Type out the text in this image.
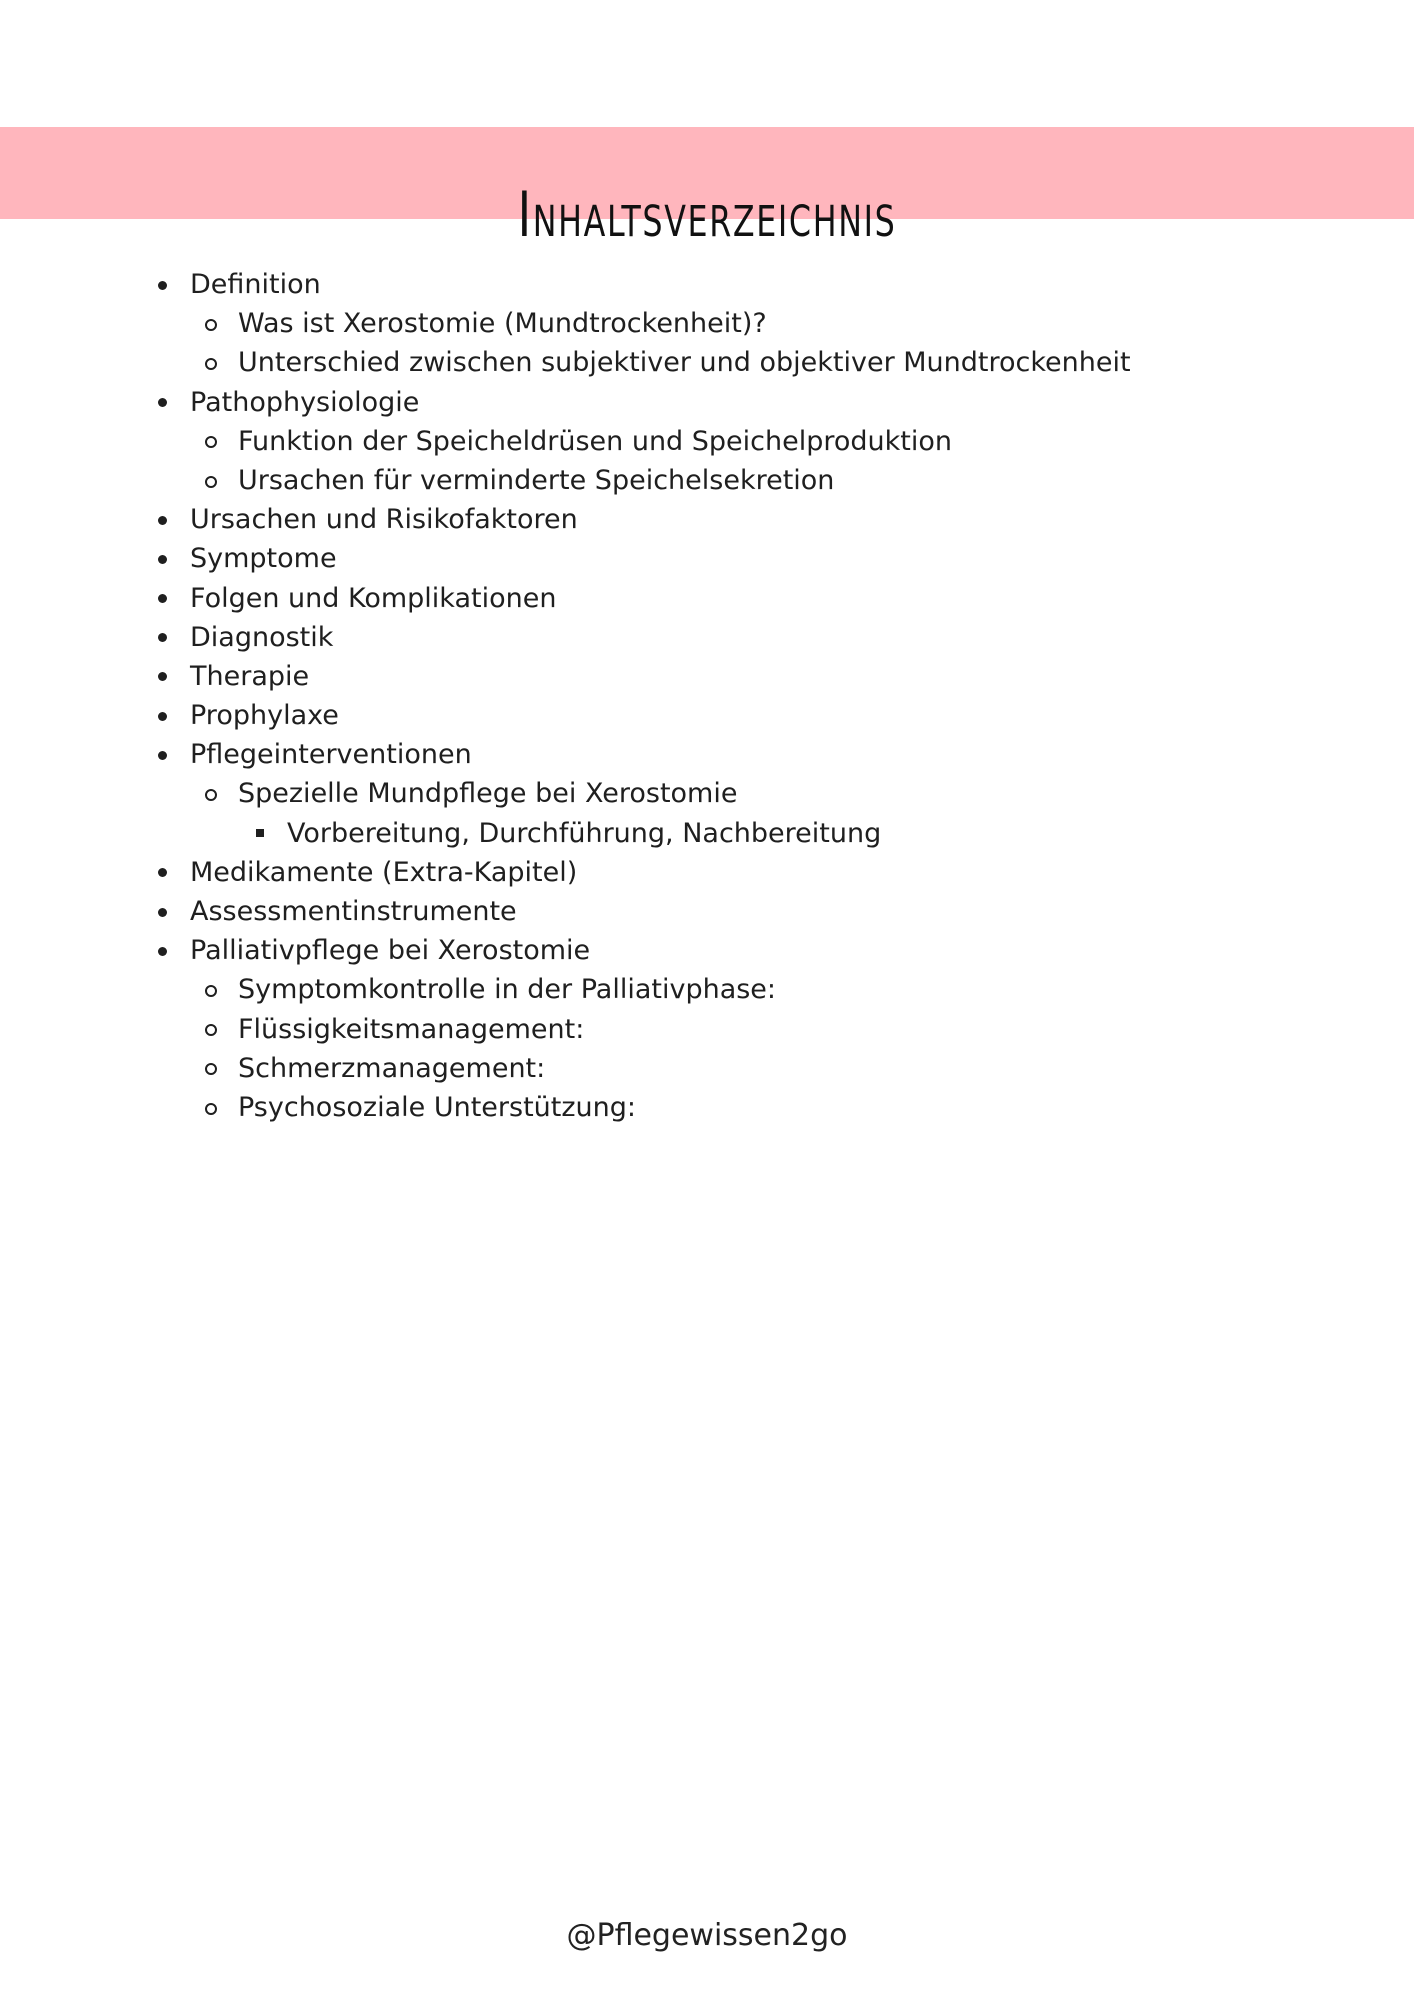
Inhaltsverzeichnis
Definition
Was ist Xerostomie (Mundtrockenheit)?
Unterschied zwischen subjektiver und objektiver Mundtrockenheit
Pathophysiologie
Funktion der Speicheldrüsen und Speichelproduktion
Ursachen für verminderte Speichelsekretion
Ursachen und Risikofaktoren
Symptome
Folgen und Komplikationen
Diagnostik
Therapie
Prophylaxe
Pflegeinterventionen
Spezielle Mundpflege bei Xerostomie
Vorbereitung, Durchführung, Nachbereitung
Medikamente (Extra-Kapitel)
Assessmentinstrumente
Palliativpflege bei Xerostomie
Symptomkontrolle in der Palliativphase:
Flüssigkeitsmanagement:
Schmerzmanagement:
Psychosoziale Unterstützung:
@Pflegewissen2go
